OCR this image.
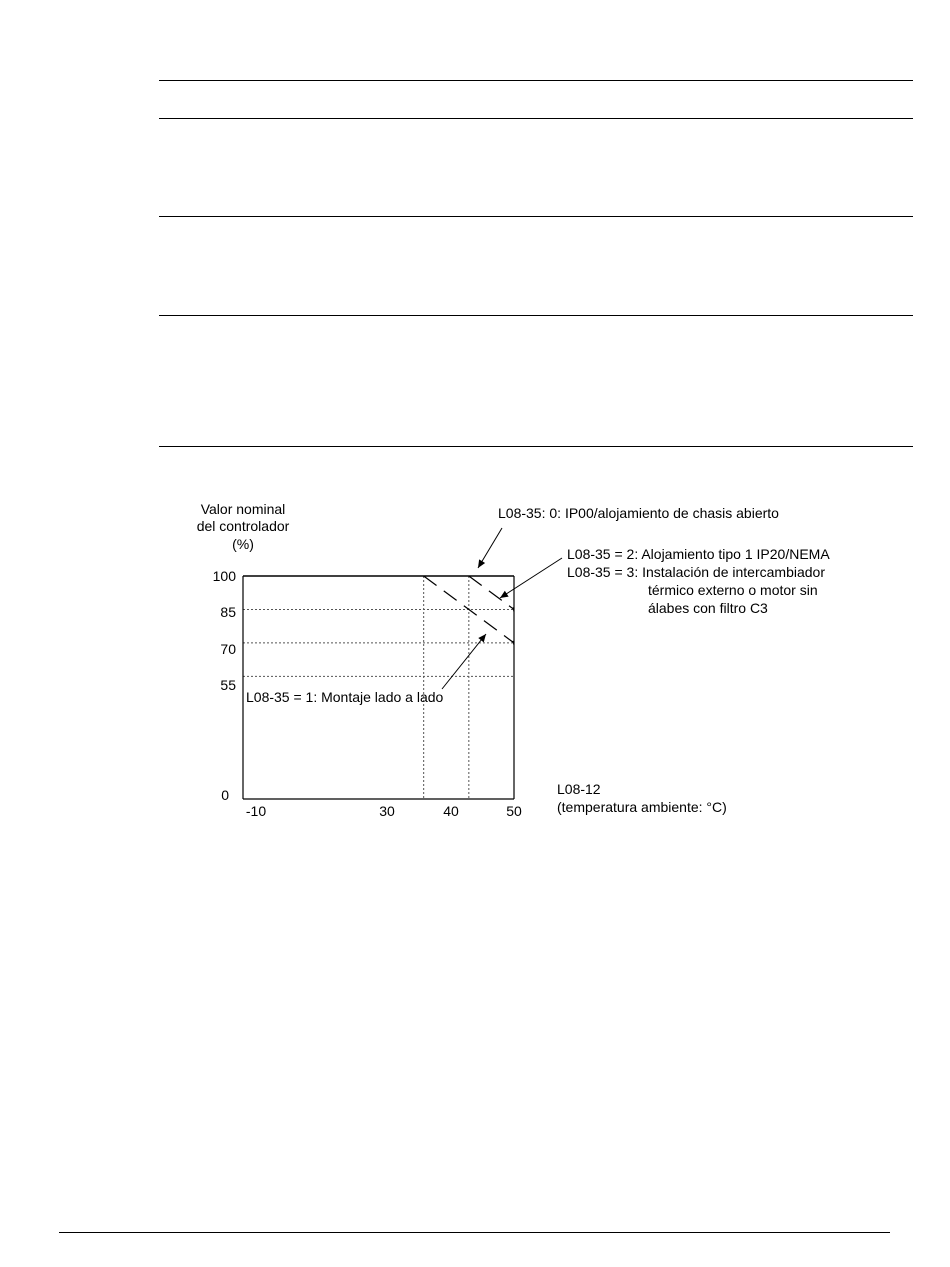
Valor nominal
del controlador
(%)
100
85
70
55
0
-10	30	40	50
L08-12
(temperatura ambiente: °C)
L08-35: 0: IP00/alojamiento de chasis abierto
L08-35 = 2: Alojamiento tipo 1 IP20/NEMA
L08-35 = 3: Instalación de intercambiador
térmico externo o motor sin
álabes con filtro C3
L08-35 = 1: Montaje lado a lado
